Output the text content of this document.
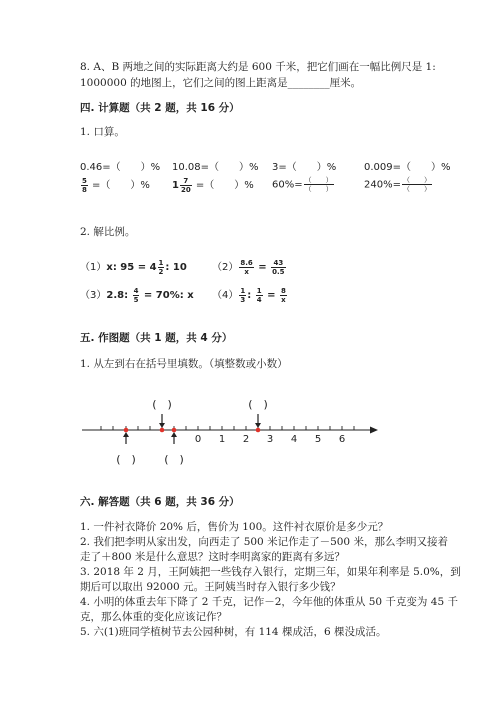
8. A、B 两地之间的实际距离大约是 600 千米，把它们画在一幅比例尺是 1:
1000000 的地图上，它们之间的图上距离是________厘米。
四. 计算题（共 2 题，共 16 分）
1. 口算。
0.46=（　　）% 10.08=（　　）% 3=（　　）%	0.009=（　　）%
$\frac{5}{8}$ =（　　）% $1 \frac{7}{20}$ =（　　）% $60\%= \frac{( )}{( )}$	$240\%= \frac{( )}{( )}$
2. 解比例。
（1）x: $95 = 4 \frac{1}{2}$ : 10	$(2) \frac{8.6}{x} = \frac{43}{0.5}$
（3）2.8: $\frac{4}{5} = 70\%$: x $(4) \frac{1}{3}$ : $\frac{1}{4} = \frac{8}{x}$
五. 作图题（共 1 题，共 4 分）
1. 从左到右在括号里填数。（填整数或小数）
0 1 2 3 4 5 6
(　)	(　)
(　)	(　)
六. 解答题（共 6 题，共 36 分）
1. 一件衬衣降价 20% 后，售价为 100。这件衬衣原价是多少元？
2. 我们把李明从家出发，向西走了 500 米记作走了－500 米，那么李明又接着
走了＋800 米是什么意思？这时李明离家的距离有多远？
3. 2018 年 2 月，王阿姨把一些钱存入银行，定期三年，如果年利率是 5.0%，到
期后可以取出 92000 元。王阿姨当时存入银行多少钱？
4. 小明的体重去年下降了 2 千克，记作－2，今年他的体重从 50 千克变为 45 千
克，那么体重的变化应该记作？
5. 六(1)班同学植树节去公园种树，有 114 棵成活，6 棵没成活。
